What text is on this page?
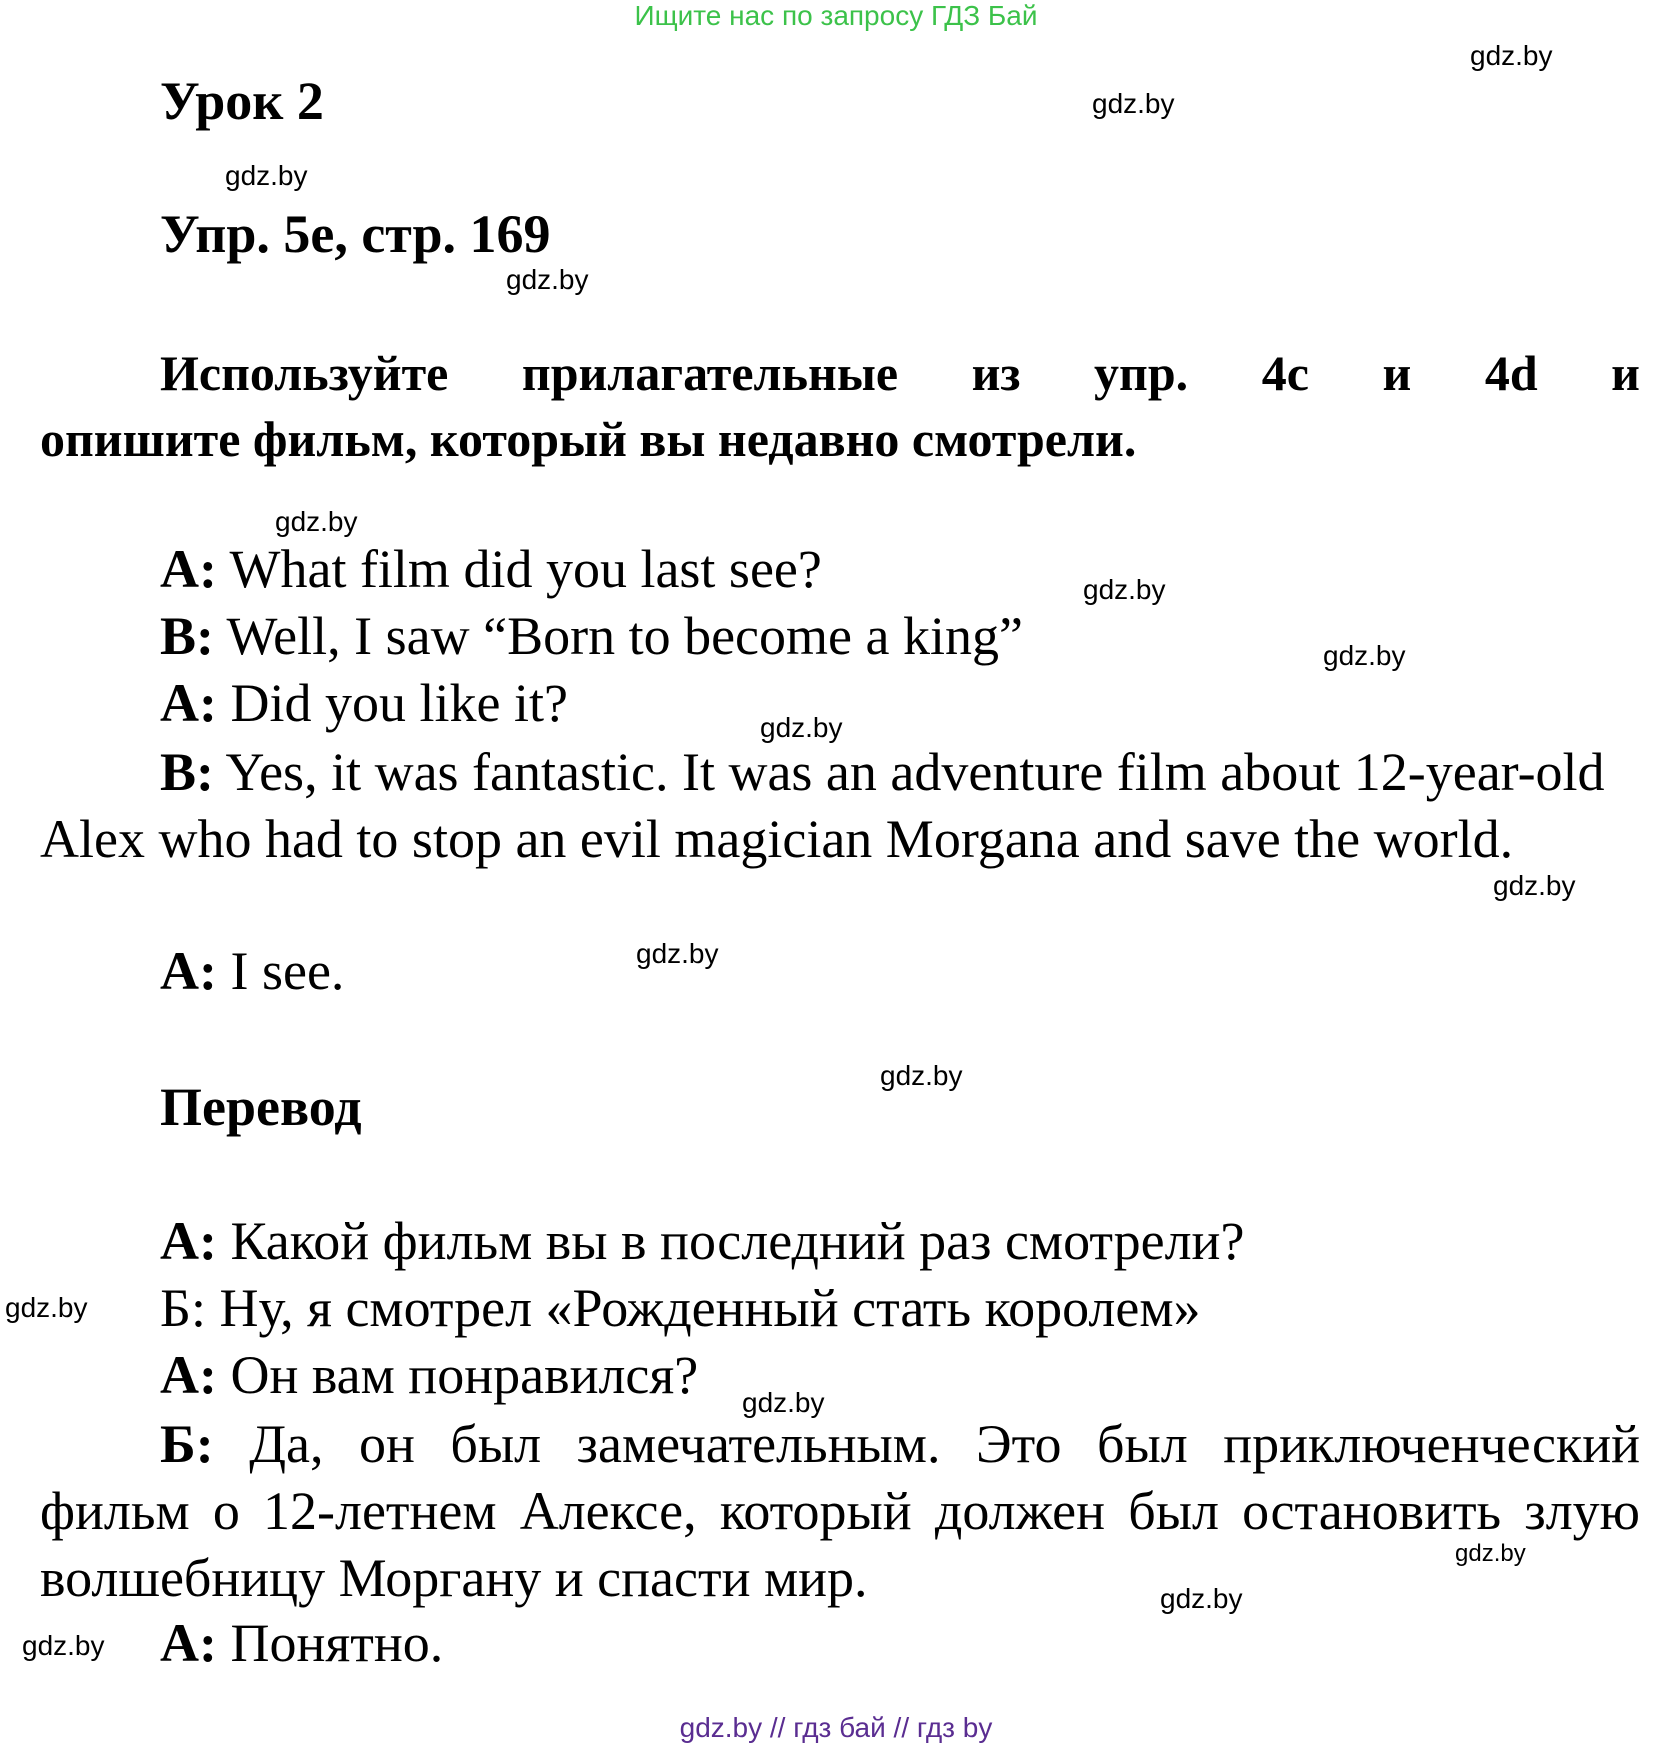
Ищите нас по запросу ГДЗ Бай
gdz.by // гдз бай // гдз by
gdz.by
gdz.by
gdz.by
gdz.by
gdz.by
gdz.by
gdz.by
gdz.by
gdz.by
gdz.by
gdz.by
gdz.by
gdz.by
gdz.by
gdz.by
gdz.by
Урок 2
Упр. 5е, стр. 169
Используйте прилагательные из упр. 4c и 4d и
опишите фильм, который вы недавно смотрели.
A: What film did you last see?
B: Well, I saw “Born to become a king”
A: Did you like it?
B: Yes, it was fantastic. It was an adventure film about 12-year-old Alex who had to stop an evil magician Morgana and save the world.
A: I see.
Перевод
А: Какой фильм вы в последний раз смотрели?
Б: Ну, я смотрел «Рожденный стать королем»
А: Он вам понравился?
Б: Да, он был замечательным. Это был приключенческий фильм о 12-летнем Алексе, который должен был остановить злую волшебницу Моргану и спасти мир.
А: Понятно.
